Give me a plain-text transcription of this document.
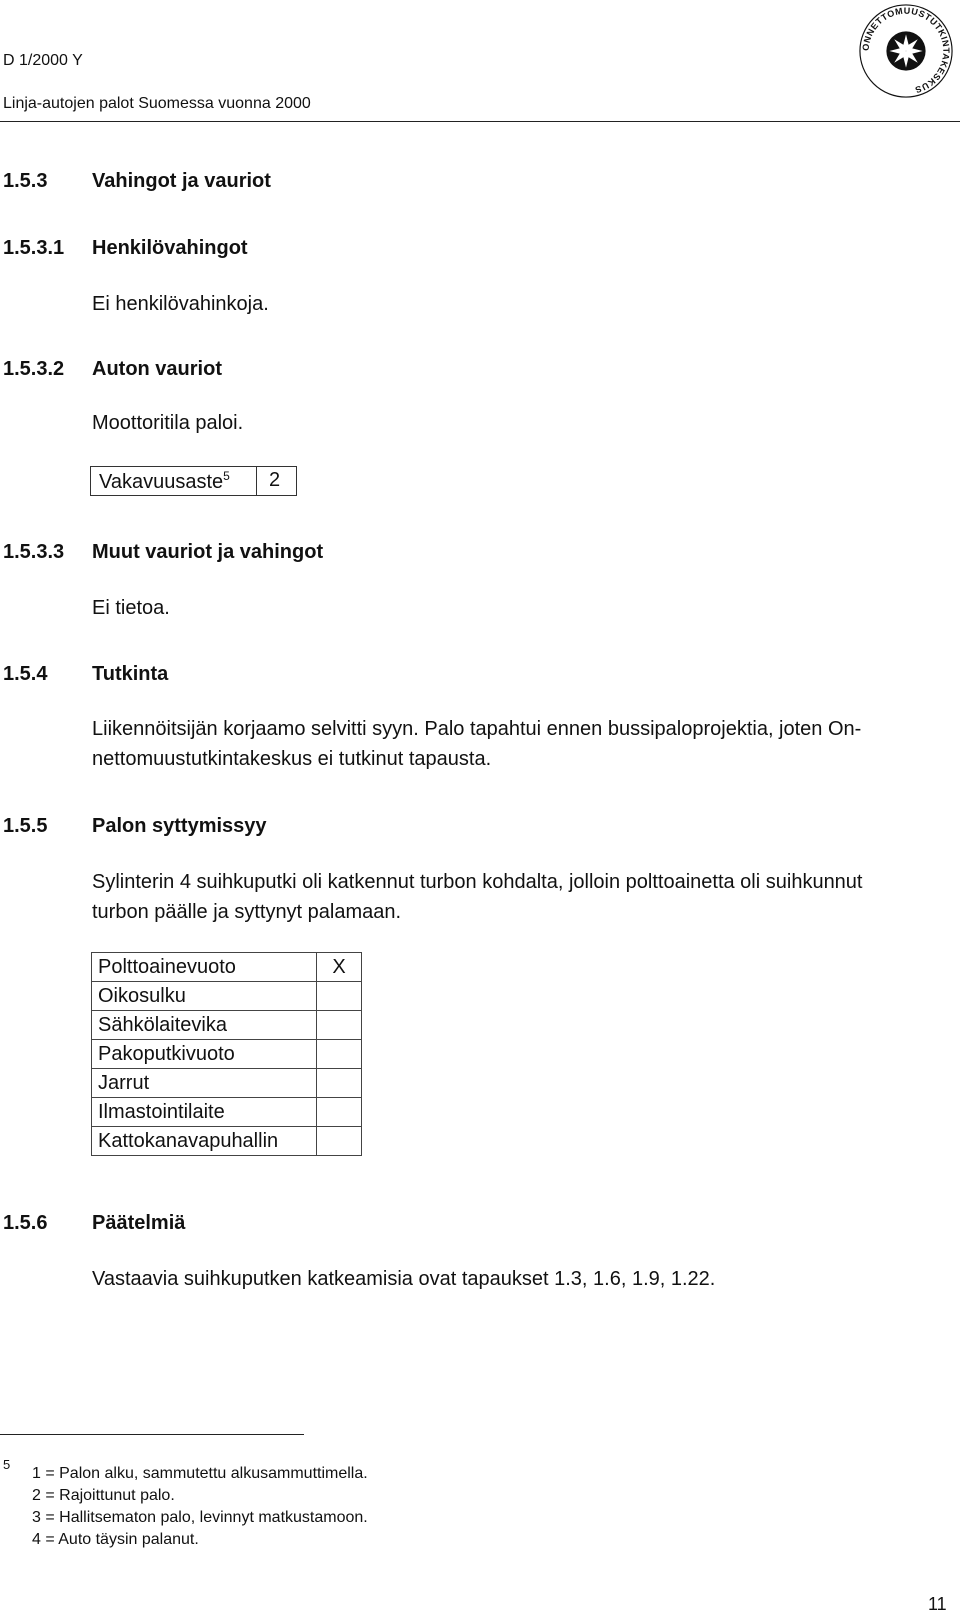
D 1/2000 Y
Linja-autojen palot Suomessa vuonna 2000
ONNETTOMUUSTUTKINTAKESKUS
1.5.3 Vahingot ja vauriot
1.5.3.1 Henkilövahingot
Ei henkilövahinkoja.
1.5.3.2 Auton vauriot
Moottoritila paloi.
Vakavuusaste$^5$ 2
1.5.3.3 Muut vauriot ja vahingot
Ei tietoa.
1.5.4 Tutkinta
Liikennöitsijän korjaamo selvitti syyn. Palo tapahtui ennen bussipaloprojektia, joten On-
nettomuustutkintakeskus ei tutkinut tapausta.
1.5.5 Palon syttymissyy
Sylinterin 4 suihkuputki oli katkennut turbon kohdalta, jolloin polttoainetta oli suihkunnut
turbon päälle ja syttynyt palamaan.
Polttoainevuoto	X
Oikosulku	
Sähkölaitevika	
Pakoputkivuoto	
Jarrut	
Ilmastointilaite	
Kattokanavapuhallin	
1.5.6 Päätelmiä
Vastaavia suihkuputken katkeamisia ovat tapaukset 1.3, 1.6, 1.9, 1.22.
5
1 = Palon alku, sammutettu alkusammuttimella.
2 = Rajoittunut palo.
3 = Hallitsematon palo, levinnyt matkustamoon.
4 = Auto täysin palanut.
11
